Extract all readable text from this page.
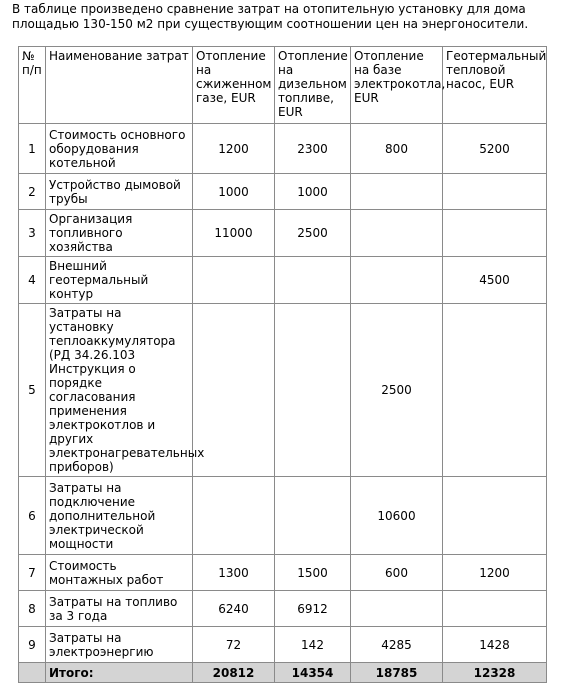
В таблице произведено сравнение затрат на отопительную установку для дома площадью 130-150 м2 при существующим соотношении цен на энергоносители.

№ п/п	Наименование затрат	Отопление на сжиженном газе, EUR	Отопление на дизельном топливе, EUR	Отопление на базе электрокотла, EUR	Геотермальный тепловой насос, EUR
1	Стоимость основного оборудования котельной	1200	2300	800	5200
2	Устройство дымовой трубы	1000	1000		
3	Организация топливного хозяйства	11000	2500		
4	Внешний геотермальный контур				4500
5	Затраты на установку теплоаккумулятора (РД 34.26.103 Инструкция о порядке согласования применения электрокотлов и других электронагревательных приборов)			2500	
6	Затраты на подключение дополнительной электрической мощности			10600	
7	Стоимость монтажных работ	1300	1500	600	1200
8	Затраты на топливо за 3 года	6240	6912		
9	Затраты на электроэнергию	72	142	4285	1428
	Итого:	20812	14354	18785	12328
